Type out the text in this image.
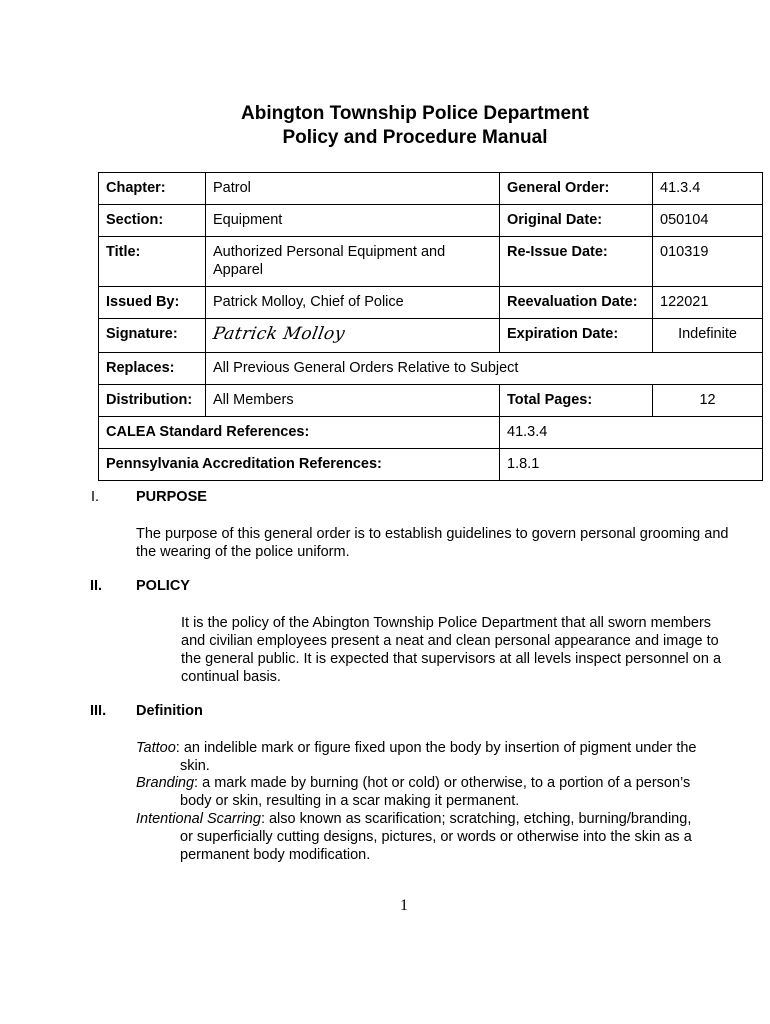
Abington Township Police Department
Policy and Procedure Manual
Chapter:	Patrol	General Order:	41.3.4
Section:	Equipment	Original Date:	050104
Title:	Authorized Personal Equipment and Apparel	Re-Issue Date:	010319
Issued By:	Patrick Molloy, Chief of Police	Reevaluation Date:	122021
Signature:	Patrick Molloy	Expiration Date:	Indefinite
Replaces:	All Previous General Orders Relative to Subject		
Distribution:	All Members	Total Pages:	12
CALEA Standard References:		41.3.4	
Pennsylvania Accreditation References:		1.8.1	
I.	PURPOSE
The purpose of this general order is to establish guidelines to govern personal grooming and the wearing of the police uniform.
II. POLICY
It is the policy of the Abington Township Police Department that all sworn members and civilian employees present a neat and clean personal appearance and image to the general public. It is expected that supervisors at all levels inspect personnel on a continual basis.
III. Definition
Tattoo: an indelible mark or figure fixed upon the body by insertion of pigment under the
skin.
Branding: a mark made by burning (hot or cold) or otherwise, to a portion of a person’s
body or skin, resulting in a scar making it permanent.
Intentional Scarring: also known as scarification; scratching, etching, burning/branding,
or superficially cutting designs, pictures, or words or otherwise into the skin as a permanent body modification.
1
